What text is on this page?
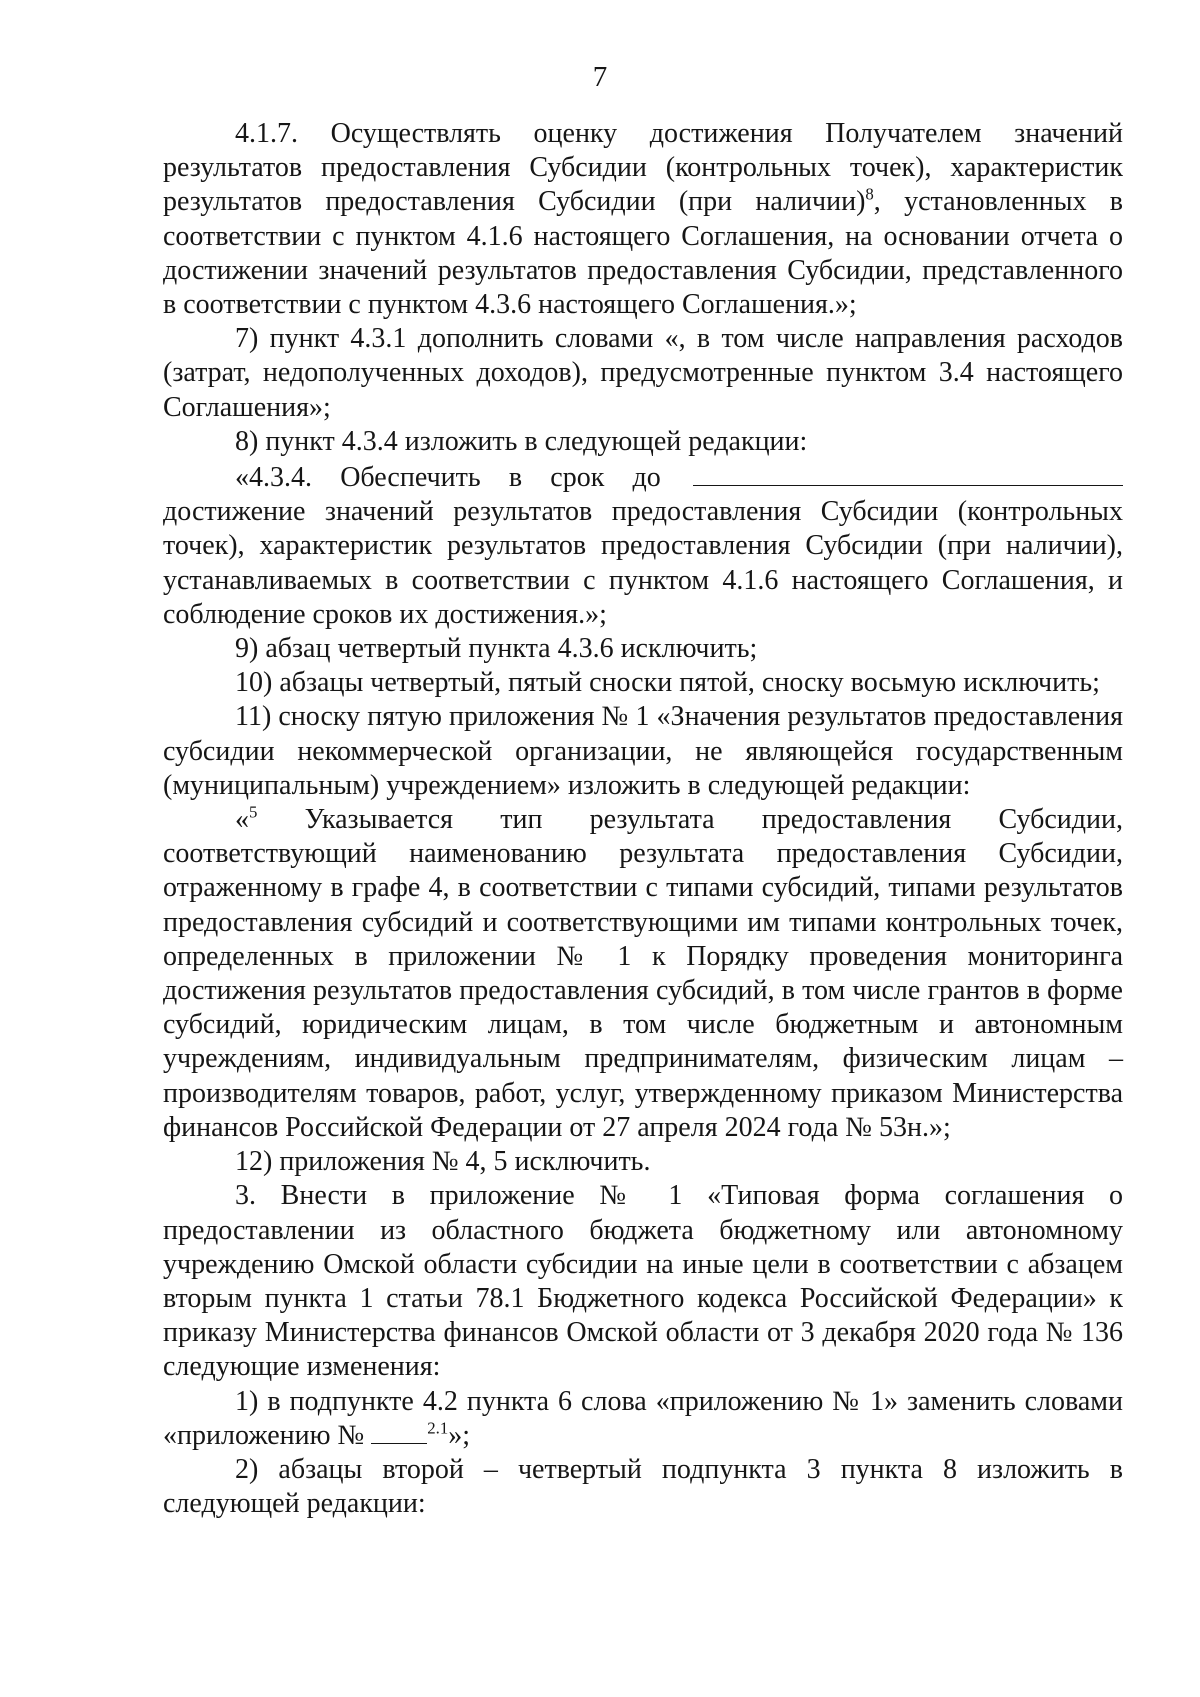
7

4.1.7. Осуществлять оценку достижения Получателем значений результатов предоставления Субсидии (контрольных точек), характеристик результатов предоставления Субсидии (при наличии)$^8$, установленных в соответствии с пунктом 4.1.6 настоящего Соглашения, на основании отчета о достижении значений результатов предоставления Субсидии, представленного в соответствии с пунктом 4.3.6 настоящего Соглашения.»;

7) пункт 4.3.1 дополнить словами «, в том числе направления расходов (затрат, недополученных доходов), предусмотренные пунктом 3.4 настоящего Соглашения»;

8) пункт 4.3.4 изложить в следующей редакции:

«4.3.4. Обеспечить в срок до

достижение значений результатов предоставления Субсидии (контрольных точек), характеристик результатов предоставления Субсидии (при наличии), устанавливаемых в соответствии с пунктом 4.1.6 настоящего Соглашения, и соблюдение сроков их достижения.»;

9) абзац четвертый пункта 4.3.6 исключить;

10) абзацы четвертый, пятый сноски пятой, сноску восьмую исключить;

11) сноску пятую приложения № 1 «Значения результатов предоставления субсидии некоммерческой организации, не являющейся государственным (муниципальным) учреждением» изложить в следующей редакции:

«$^5$ Указывается тип результата предоставления Субсидии, соответствующий наименованию результата предоставления Субсидии, отраженному в графе 4, в соответствии с типами субсидий, типами результатов предоставления субсидий и соответствующими им типами контрольных точек, определенных в приложении № 1 к Порядку проведения мониторинга достижения результатов предоставления субсидий, в том числе грантов в форме субсидий, юридическим лицам, в том числе бюджетным и автономным учреждениям, индивидуальным предпринимателям, физическим лицам – производителям товаров, работ, услуг, утвержденному приказом Министерства финансов Российской Федерации от 27 апреля 2024 года № 53н.»;

12) приложения № 4, 5 исключить.

3. Внести в приложение № 1 «Типовая форма соглашения о предоставлении из областного бюджета бюджетному или автономному учреждению Омской области субсидии на иные цели в соответствии с абзацем вторым пункта 1 статьи 78.1 Бюджетного кодекса Российской Федерации» к приказу Министерства финансов Омской области от 3 декабря 2020 года № 136 следующие изменения:

1) в подпункте 4.2 пункта 6 слова «приложению № 1» заменить словами «приложению №	$^{2.1}$»;

2) абзацы второй – четвертый подпункта 3 пункта 8 изложить в следующей редакции:
